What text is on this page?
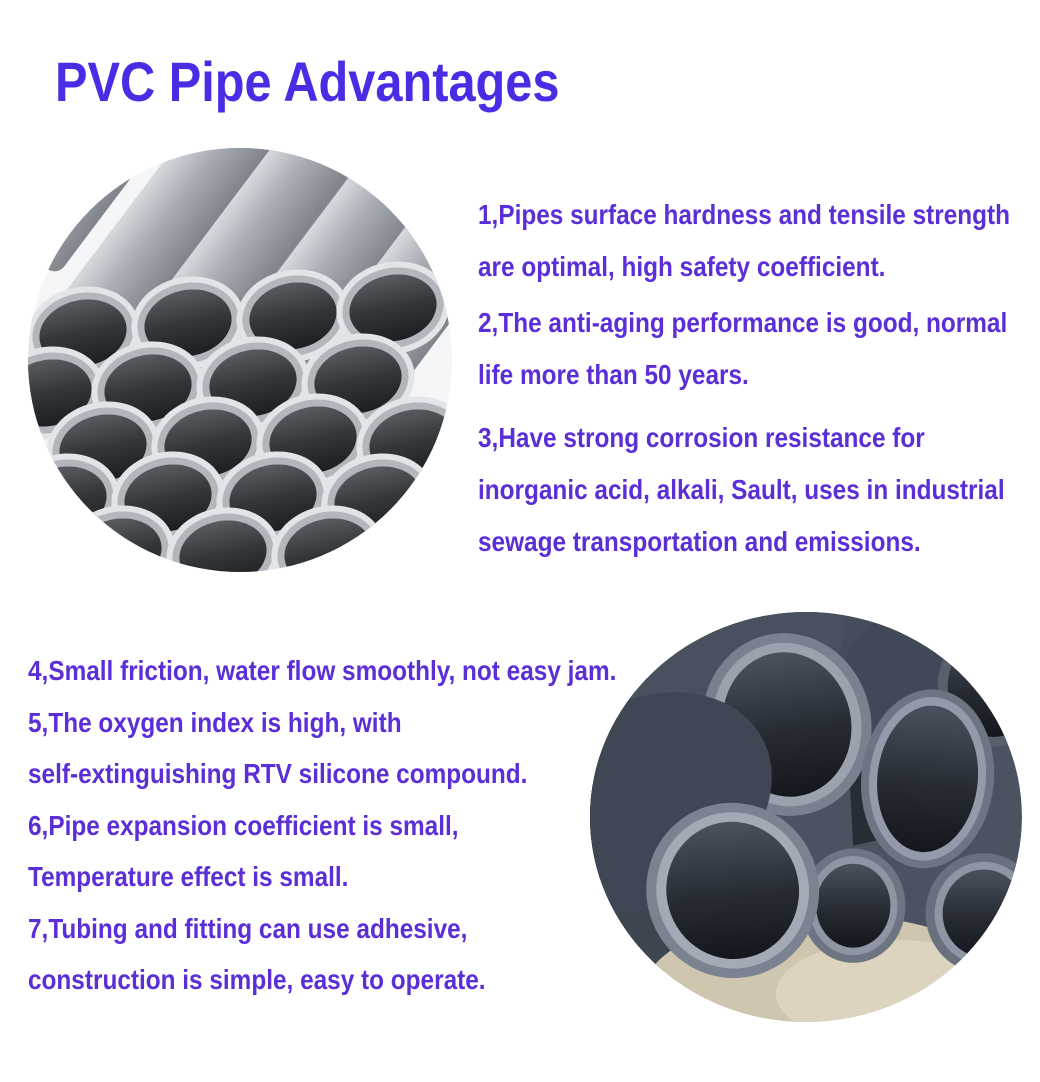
PVC Pipe Advantages
1,Pipes surface hardness and tensile strength
are optimal, high safety coefficient.
2,The anti-aging performance is good, normal
life more than 50 years.
3,Have strong corrosion resistance for
inorganic acid, alkali, Sault, uses in industrial
sewage transportation and emissions.
4,Small friction, water flow smoothly, not easy jam.
5,The oxygen index is high, with
self-extinguishing RTV silicone compound.
6,Pipe expansion coefficient is small,
Temperature effect is small.
7,Tubing and fitting can use adhesive,
construction is simple, easy to operate.
